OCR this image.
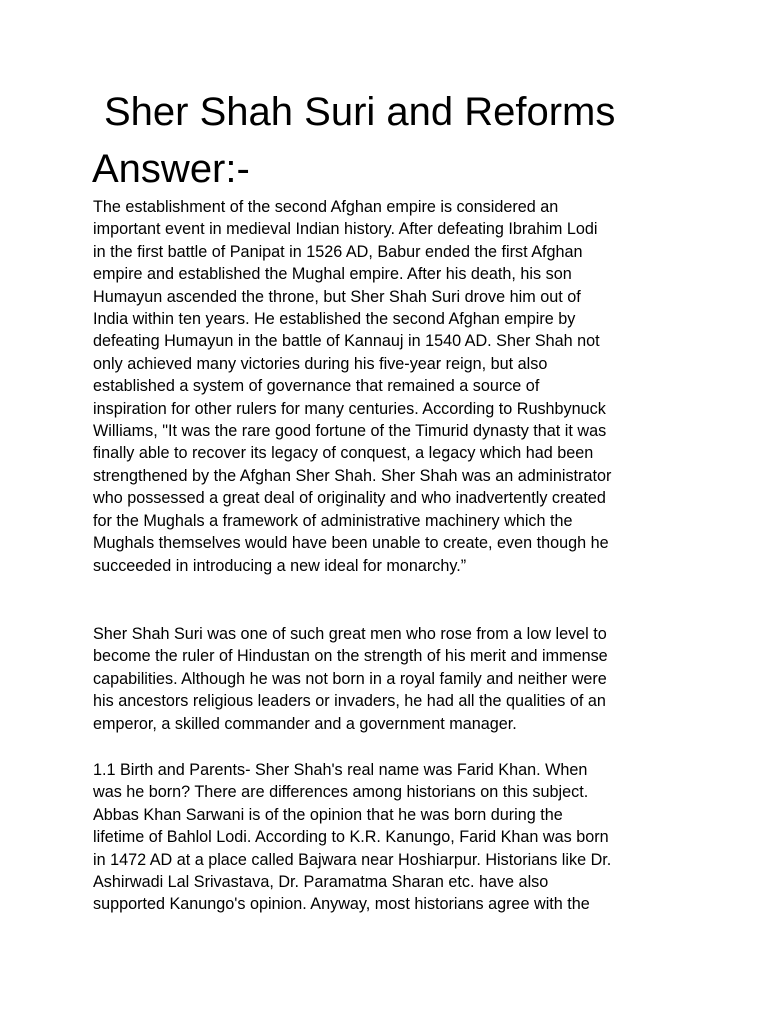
Sher Shah Suri and Reforms
Answer:-

The establishment of the second Afghan empire is considered an
important event in medieval Indian history. After defeating Ibrahim Lodi
in the first battle of Panipat in 1526 AD, Babur ended the first Afghan
empire and established the Mughal empire. After his death, his son
Humayun ascended the throne, but Sher Shah Suri drove him out of
India within ten years. He established the second Afghan empire by
defeating Humayun in the battle of Kannauj in 1540 AD. Sher Shah not
only achieved many victories during his five-year reign, but also
established a system of governance that remained a source of
inspiration for other rulers for many centuries. According to Rushbynuck
Williams, "It was the rare good fortune of the Timurid dynasty that it was
finally able to recover its legacy of conquest, a legacy which had been
strengthened by the Afghan Sher Shah. Sher Shah was an administrator
who possessed a great deal of originality and who inadvertently created
for the Mughals a framework of administrative machinery which the
Mughals themselves would have been unable to create, even though he
succeeded in introducing a new ideal for monarchy.”

Sher Shah Suri was one of such great men who rose from a low level to
become the ruler of Hindustan on the strength of his merit and immense
capabilities. Although he was not born in a royal family and neither were
his ancestors religious leaders or invaders, he had all the qualities of an
emperor, a skilled commander and a government manager.

1.1 Birth and Parents- Sher Shah's real name was Farid Khan. When
was he born? There are differences among historians on this subject.
Abbas Khan Sarwani is of the opinion that he was born during the
lifetime of Bahlol Lodi. According to K.R. Kanungo, Farid Khan was born
in 1472 AD at a place called Bajwara near Hoshiarpur. Historians like Dr.
Ashirwadi Lal Srivastava, Dr. Paramatma Sharan etc. have also
supported Kanungo's opinion. Anyway, most historians agree with the
